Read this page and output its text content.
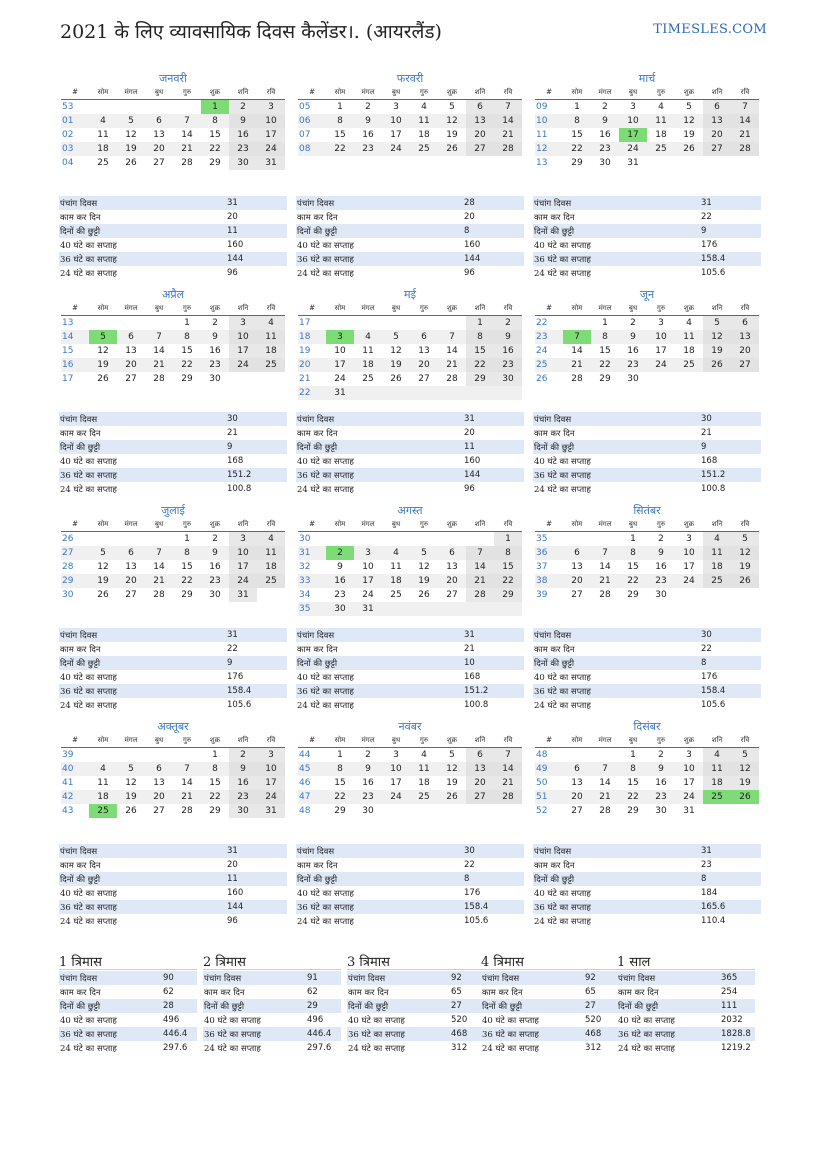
2021 के लिए व्यावसायिक दिवस कैलेंडर।. (आयरलैंड)	TIMESLES.COM
जनवरी
#	सोम	मंगल	बुध	गुरु	शुक्र	शनि	रवि
53					1	2	3
01	4	5	6	7	8	9	10
02	11	12	13	14	15	16	17
03	18	19	20	21	22	23	24
04	25	26	27	28	29	30	31
पंचांग दिवस	31
काम कर दिन	20
दिनों की छुट्टी	11
40 घंटे का सप्ताह	160
36 घंटे का सप्ताह	144
24 घंटे का सप्ताह	96
फरवरी
#	सोम	मंगल	बुध	गुरु	शुक्र	शनि	रवि
05	1	2	3	4	5	6	7
06	8	9	10	11	12	13	14
07	15	16	17	18	19	20	21
08	22	23	24	25	26	27	28
पंचांग दिवस	28
काम कर दिन	20
दिनों की छुट्टी	8
40 घंटे का सप्ताह	160
36 घंटे का सप्ताह	144
24 घंटे का सप्ताह	96
मार्च
#	सोम	मंगल	बुध	गुरु	शुक्र	शनि	रवि
09	1	2	3	4	5	6	7
10	8	9	10	11	12	13	14
11	15	16	17	18	19	20	21
12	22	23	24	25	26	27	28
13	29	30	31				
पंचांग दिवस	31
काम कर दिन	22
दिनों की छुट्टी	9
40 घंटे का सप्ताह	176
36 घंटे का सप्ताह	158.4
24 घंटे का सप्ताह	105.6
अप्रैल
#	सोम	मंगल	बुध	गुरु	शुक्र	शनि	रवि
13				1	2	3	4
14	5	6	7	8	9	10	11
15	12	13	14	15	16	17	18
16	19	20	21	22	23	24	25
17	26	27	28	29	30		
पंचांग दिवस	30
काम कर दिन	21
दिनों की छुट्टी	9
40 घंटे का सप्ताह	168
36 घंटे का सप्ताह	151.2
24 घंटे का सप्ताह	100.8
मई
#	सोम	मंगल	बुध	गुरु	शुक्र	शनि	रवि
17						1	2
18	3	4	5	6	7	8	9
19	10	11	12	13	14	15	16
20	17	18	19	20	21	22	23
21	24	25	26	27	28	29	30
22	31						
पंचांग दिवस	31
काम कर दिन	20
दिनों की छुट्टी	11
40 घंटे का सप्ताह	160
36 घंटे का सप्ताह	144
24 घंटे का सप्ताह	96
जून
#	सोम	मंगल	बुध	गुरु	शुक्र	शनि	रवि
22		1	2	3	4	5	6
23	7	8	9	10	11	12	13
24	14	15	16	17	18	19	20
25	21	22	23	24	25	26	27
26	28	29	30				
पंचांग दिवस	30
काम कर दिन	21
दिनों की छुट्टी	9
40 घंटे का सप्ताह	168
36 घंटे का सप्ताह	151.2
24 घंटे का सप्ताह	100.8
जुलाई
#	सोम	मंगल	बुध	गुरु	शुक्र	शनि	रवि
26				1	2	3	4
27	5	6	7	8	9	10	11
28	12	13	14	15	16	17	18
29	19	20	21	22	23	24	25
30	26	27	28	29	30	31	
पंचांग दिवस	31
काम कर दिन	22
दिनों की छुट्टी	9
40 घंटे का सप्ताह	176
36 घंटे का सप्ताह	158.4
24 घंटे का सप्ताह	105.6
अगस्त
#	सोम	मंगल	बुध	गुरु	शुक्र	शनि	रवि
30							1
31	2	3	4	5	6	7	8
32	9	10	11	12	13	14	15
33	16	17	18	19	20	21	22
34	23	24	25	26	27	28	29
35	30	31					
पंचांग दिवस	31
काम कर दिन	21
दिनों की छुट्टी	10
40 घंटे का सप्ताह	168
36 घंटे का सप्ताह	151.2
24 घंटे का सप्ताह	100.8
सितंबर
#	सोम	मंगल	बुध	गुरु	शुक्र	शनि	रवि
35			1	2	3	4	5
36	6	7	8	9	10	11	12
37	13	14	15	16	17	18	19
38	20	21	22	23	24	25	26
39	27	28	29	30			
पंचांग दिवस	30
काम कर दिन	22
दिनों की छुट्टी	8
40 घंटे का सप्ताह	176
36 घंटे का सप्ताह	158.4
24 घंटे का सप्ताह	105.6
अक्तूबर
#	सोम	मंगल	बुध	गुरु	शुक्र	शनि	रवि
39					1	2	3
40	4	5	6	7	8	9	10
41	11	12	13	14	15	16	17
42	18	19	20	21	22	23	24
43	25	26	27	28	29	30	31
पंचांग दिवस	31
काम कर दिन	20
दिनों की छुट्टी	11
40 घंटे का सप्ताह	160
36 घंटे का सप्ताह	144
24 घंटे का सप्ताह	96
नवंबर
#	सोम	मंगल	बुध	गुरु	शुक्र	शनि	रवि
44	1	2	3	4	5	6	7
45	8	9	10	11	12	13	14
46	15	16	17	18	19	20	21
47	22	23	24	25	26	27	28
48	29	30					
पंचांग दिवस	30
काम कर दिन	22
दिनों की छुट्टी	8
40 घंटे का सप्ताह	176
36 घंटे का सप्ताह	158.4
24 घंटे का सप्ताह	105.6
दिसंबर
#	सोम	मंगल	बुध	गुरु	शुक्र	शनि	रवि
48			1	2	3	4	5
49	6	7	8	9	10	11	12
50	13	14	15	16	17	18	19
51	20	21	22	23	24	25	26
52	27	28	29	30	31		
पंचांग दिवस	31
काम कर दिन	23
दिनों की छुट्टी	8
40 घंटे का सप्ताह	184
36 घंटे का सप्ताह	165.6
24 घंटे का सप्ताह	110.4
1 त्रिमास
पंचांग दिवस	90
काम कर दिन	62
दिनों की छुट्टी	28
40 घंटे का सप्ताह	496
36 घंटे का सप्ताह	446.4
24 घंटे का सप्ताह	297.6
2 त्रिमास
पंचांग दिवस	91
काम कर दिन	62
दिनों की छुट्टी	29
40 घंटे का सप्ताह	496
36 घंटे का सप्ताह	446.4
24 घंटे का सप्ताह	297.6
3 त्रिमास
पंचांग दिवस	92
काम कर दिन	65
दिनों की छुट्टी	27
40 घंटे का सप्ताह	520
36 घंटे का सप्ताह	468
24 घंटे का सप्ताह	312
4 त्रिमास
पंचांग दिवस	92
काम कर दिन	65
दिनों की छुट्टी	27
40 घंटे का सप्ताह	520
36 घंटे का सप्ताह	468
24 घंटे का सप्ताह	312
1 साल
पंचांग दिवस	365
काम कर दिन	254
दिनों की छुट्टी	111
40 घंटे का सप्ताह	2032
36 घंटे का सप्ताह	1828.8
24 घंटे का सप्ताह	1219.2
